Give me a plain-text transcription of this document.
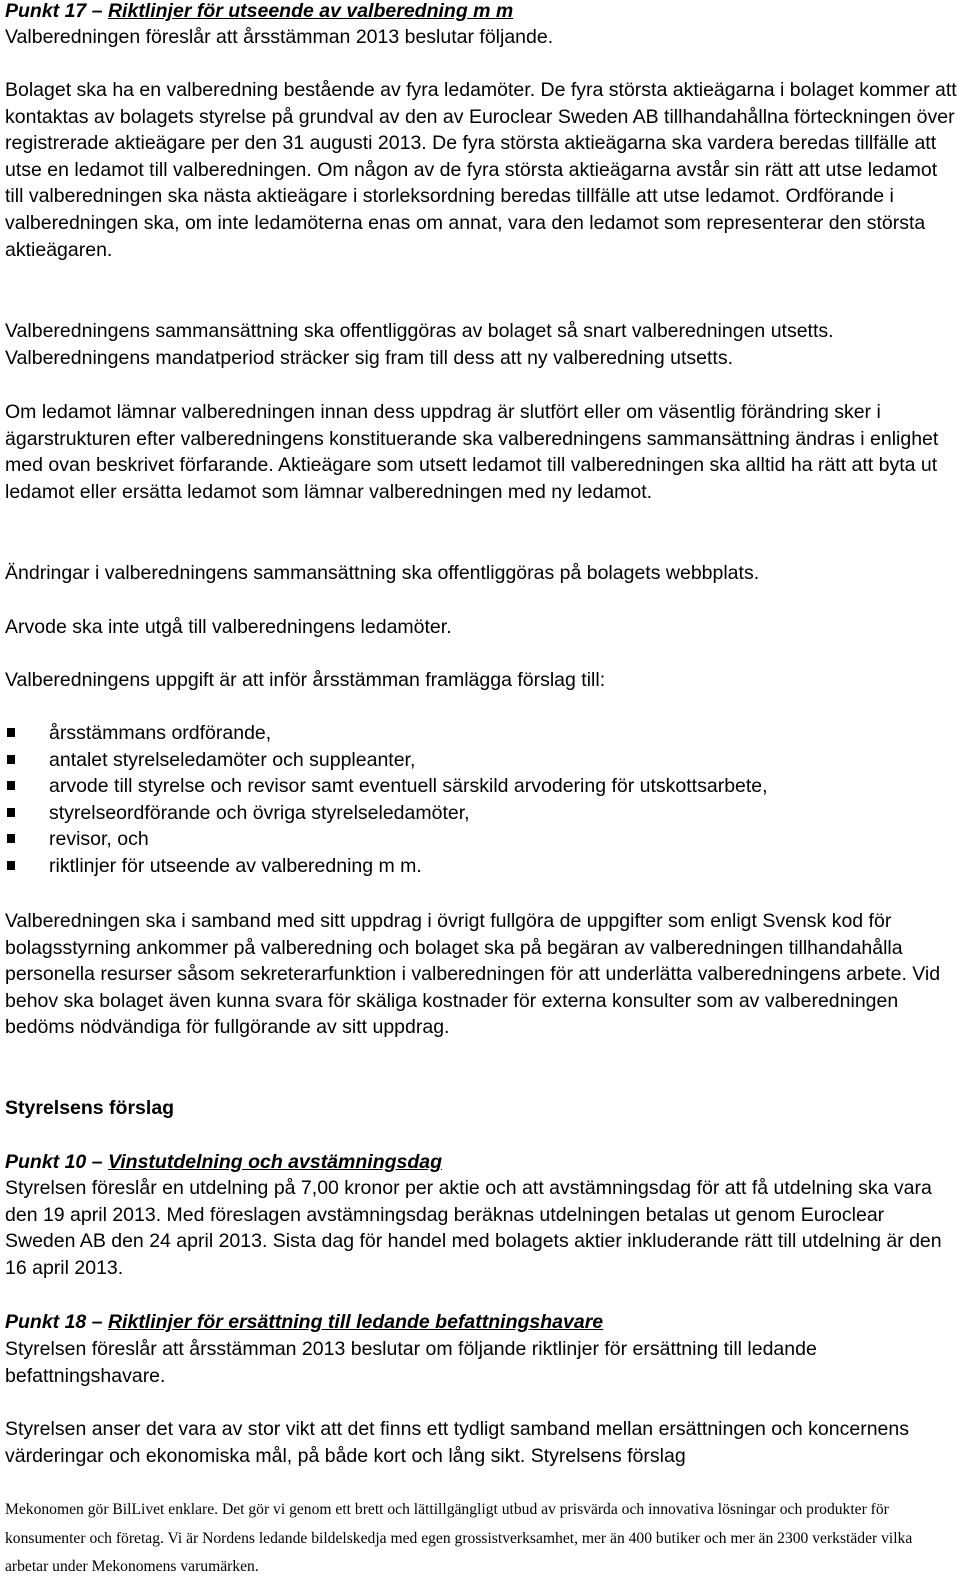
Punkt 17 – Riktlinjer för utseende av valberedning m m

Valberedningen föreslår att årsstämman 2013 beslutar följande.

Bolaget ska ha en valberedning bestående av fyra ledamöter. De fyra största aktieägarna i bolaget kommer att kontaktas av bolagets styrelse på grundval av den av Euroclear Sweden AB tillhandahållna förteckningen över registrerade aktieägare per den 31 augusti 2013. De fyra största aktieägarna ska vardera beredas tillfälle att utse en ledamot till valberedningen. Om någon av de fyra största aktieägarna avstår sin rätt att utse ledamot till valberedningen ska nästa aktieägare i storleksordning beredas tillfälle att utse ledamot. Ordförande i valberedningen ska, om inte ledamöterna enas om annat, vara den ledamot som representerar den största aktieägaren.

Valberedningens sammansättning ska offentliggöras av bolaget så snart valberedningen utsetts. Valberedningens mandatperiod sträcker sig fram till dess att ny valberedning utsetts.

Om ledamot lämnar valberedningen innan dess uppdrag är slutfört eller om väsentlig förändring sker i ägarstrukturen efter valberedningens konstituerande ska valberedningens sammansättning ändras i enlighet med ovan beskrivet förfarande. Aktieägare som utsett ledamot till valberedningen ska alltid ha rätt att byta ut ledamot eller ersätta ledamot som lämnar valberedningen med ny ledamot.

Ändringar i valberedningens sammansättning ska offentliggöras på bolagets webbplats.

Arvode ska inte utgå till valberedningens ledamöter.

Valberedningens uppgift är att inför årsstämman framlägga förslag till:

årsstämmans ordförande,
antalet styrelseledamöter och suppleanter,
arvode till styrelse och revisor samt eventuell särskild arvodering för utskottsarbete,
styrelseordförande och övriga styrelseledamöter,
revisor, och
riktlinjer för utseende av valberedning m m.

Valberedningen ska i samband med sitt uppdrag i övrigt fullgöra de uppgifter som enligt Svensk kod för bolagsstyrning ankommer på valberedning och bolaget ska på begäran av valberedningen tillhandahålla personella resurser såsom sekreterarfunktion i valberedningen för att underlätta valberedningens arbete. Vid behov ska bolaget även kunna svara för skäliga kostnader för externa konsulter som av valberedningen bedöms nödvändiga för fullgörande av sitt uppdrag.

Styrelsens förslag

Punkt 10 – Vinstutdelning och avstämningsdag

Styrelsen föreslår en utdelning på 7,00 kronor per aktie och att avstämningsdag för att få utdelning ska vara den 19 april 2013. Med föreslagen avstämningsdag beräknas utdelningen betalas ut genom Euroclear Sweden AB den 24 april 2013. Sista dag för handel med bolagets aktier inkluderande rätt till utdelning är den 16 april 2013.

Punkt 18 – Riktlinjer för ersättning till ledande befattningshavare

Styrelsen föreslår att årsstämman 2013 beslutar om följande riktlinjer för ersättning till ledande befattningshavare.

Styrelsen anser det vara av stor vikt att det finns ett tydligt samband mellan ersättningen och koncernens värderingar och ekonomiska mål, på både kort och lång sikt. Styrelsens förslag

Mekonomen gör BilLivet enklare. Det gör vi genom ett brett och lättillgängligt utbud av prisvärda och innovativa lösningar och produkter för konsumenter och företag. Vi är Nordens ledande bildelskedja med egen grossistverksamhet, mer än 400 butiker och mer än 2300 verkstäder vilka arbetar under Mekonomens varumärken.
